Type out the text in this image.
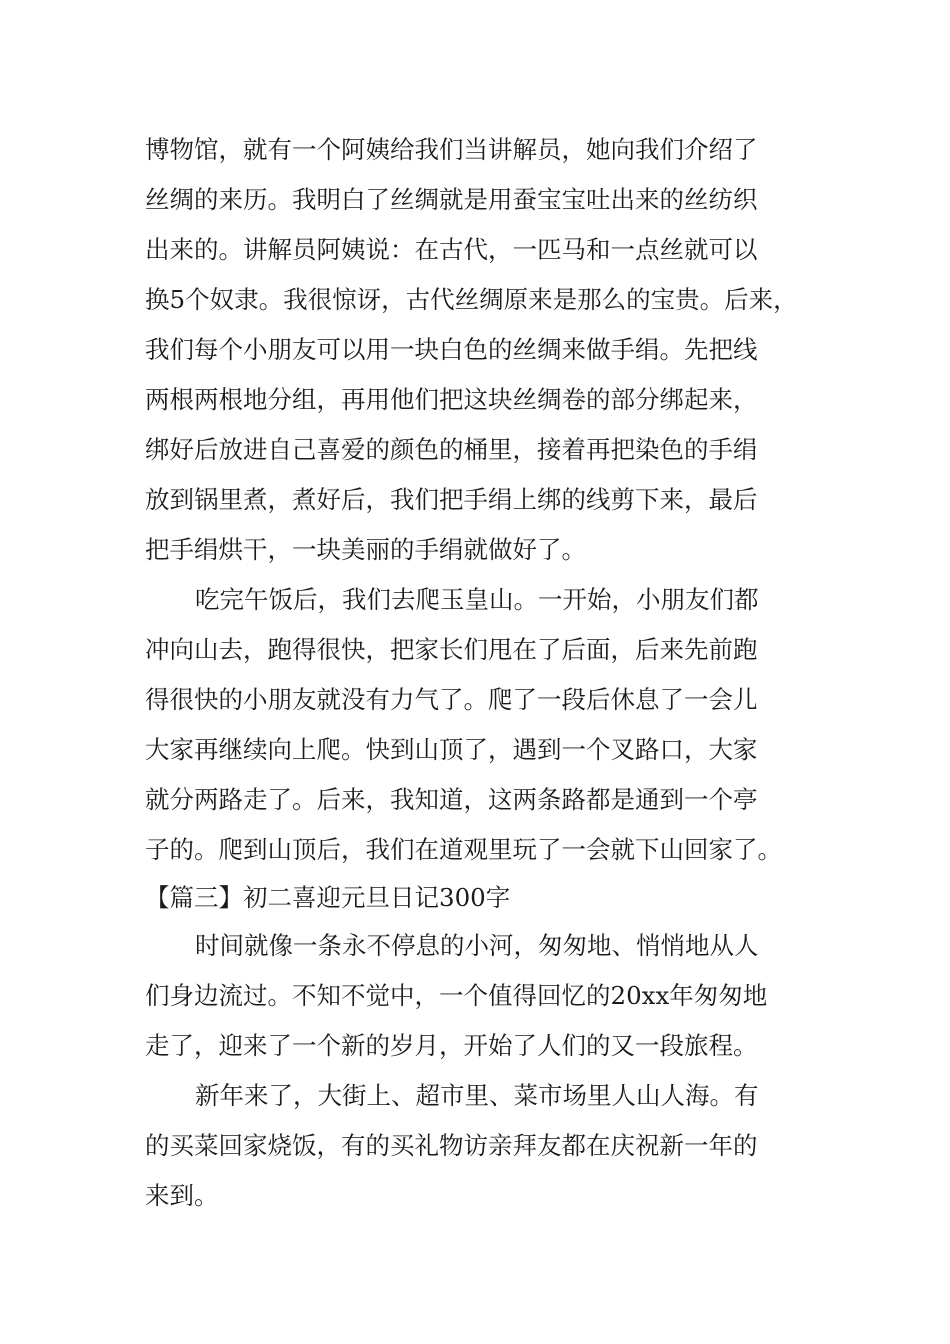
博物馆，就有一个阿姨给我们当讲解员，她向我们介绍了
丝绸的来历。我明白了丝绸就是用蚕宝宝吐出来的丝纺织
出来的。讲解员阿姨说：在古代，一匹马和一点丝就可以
换5个奴隶。我很惊讶，古代丝绸原来是那么的宝贵。后来，
我们每个小朋友可以用一块白色的丝绸来做手绢。先把线
两根两根地分组，再用他们把这块丝绸卷的部分绑起来，
绑好后放进自己喜爱的颜色的桶里，接着再把染色的手绢
放到锅里煮，煮好后，我们把手绢上绑的线剪下来，最后
把手绢烘干，一块美丽的手绢就做好了。
吃完午饭后，我们去爬玉皇山。一开始，小朋友们都
冲向山去，跑得很快，把家长们甩在了后面，后来先前跑
得很快的小朋友就没有力气了。爬了一段后休息了一会儿
大家再继续向上爬。快到山顶了，遇到一个叉路口，大家
就分两路走了。后来，我知道，这两条路都是通到一个亭
子的。爬到山顶后，我们在道观里玩了一会就下山回家了。
【篇三】初二喜迎元旦日记300字
时间就像一条永不停息的小河，匆匆地、悄悄地从人
们身边流过。不知不觉中，一个值得回忆的20xx年匆匆地
走了，迎来了一个新的岁月，开始了人们的又一段旅程。
新年来了，大街上、超市里、菜市场里人山人海。有
的买菜回家烧饭，有的买礼物访亲拜友都在庆祝新一年的
来到。
